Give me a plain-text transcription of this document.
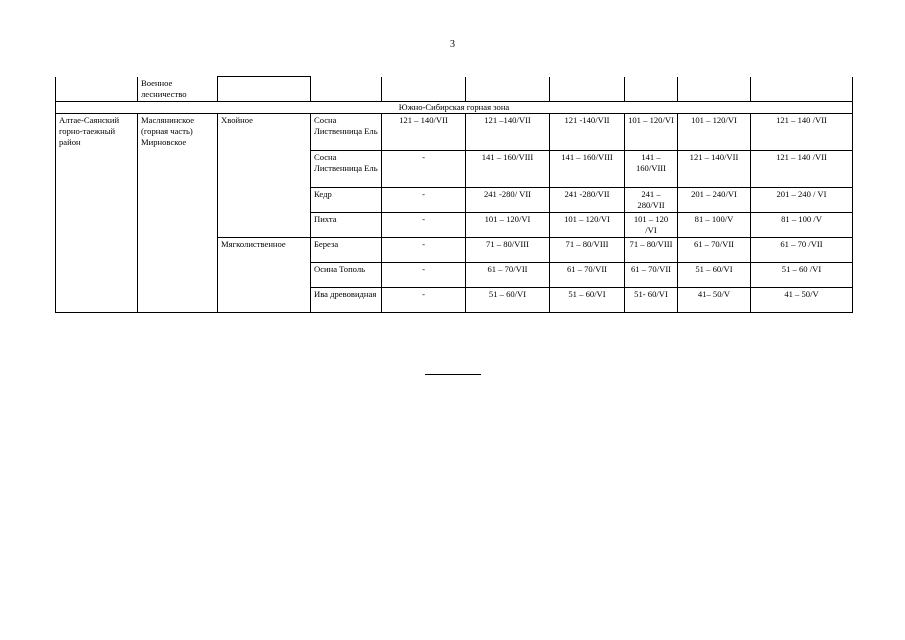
3
	Военное лесничество								
Южно-Сибирская горная зона									
Алтае-Саянский горно-таежный район	Маслянинское (горная часть) Мирновское	Хвойное	Сосна Лиственница Ель	121 – 140/VII	121 –140/VII	121 -140/VII	101 – 120/VI	101 – 120/VI	121 – 140 /VII
			Сосна Лиственница Ель	-	141 – 160/VIII	141 – 160/VIII	141 – 160/VIII	121 – 140/VII	121 – 140 /VII
			Кедр	-	241 -280/ VII	241 -280/VII	241 – 280/VII	201 – 240/VI	201 – 240 / VI
			Пихта	-	101 – 120/VI	101 – 120/VI	101 – 120 /VI	81 – 100/V	81 – 100 /V
		Мягколиственное	Береза	-	71 – 80/VIII	71 – 80/VIII	71 – 80/VIII	61 – 70/VII	61 – 70 /VII
			Осина Тополь	-	61 – 70/VII	61 – 70/VII	61 – 70/VII	51 – 60/VI	51 – 60 /VI
			Ива древовидная	-	51 – 60/VI	51 – 60/VI	51- 60/VI	41– 50/V	41 – 50/V
